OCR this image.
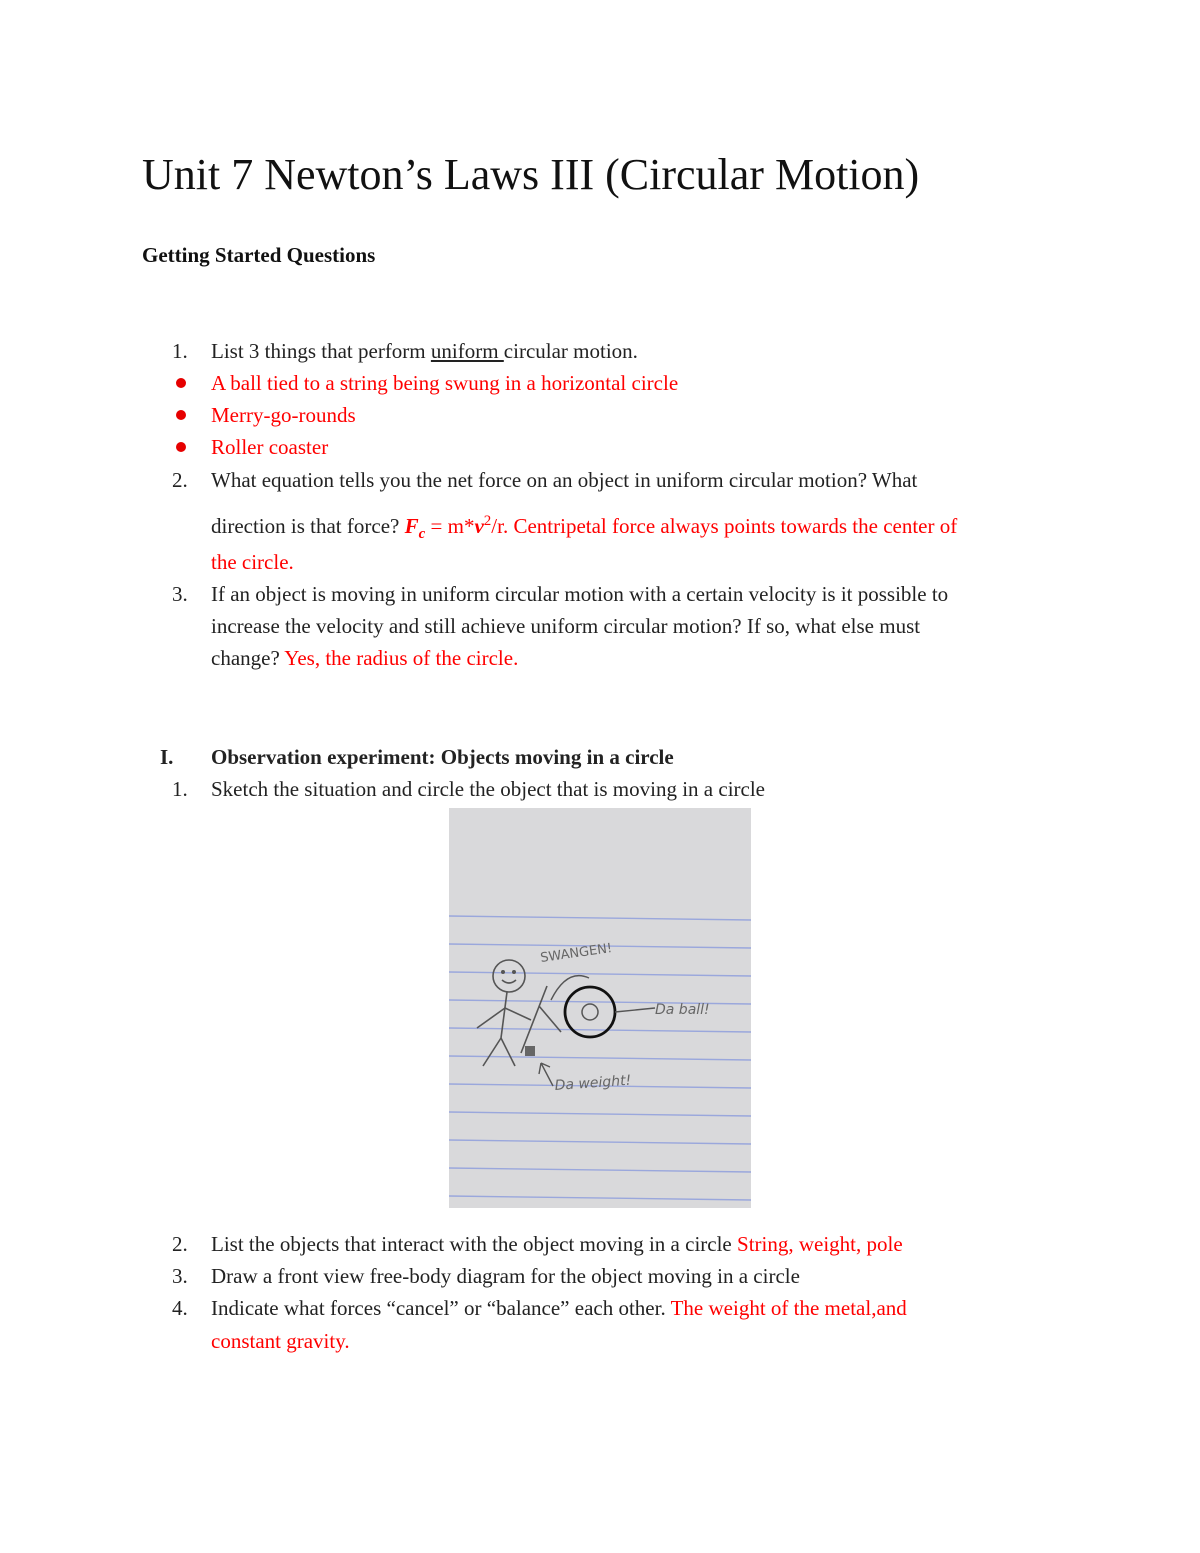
Unit 7 Newton’s Laws III (Circular Motion)
Getting Started Questions
1. List 3 things that perform uniform circular motion.
A ball tied to a string being swung in a horizontal circle
Merry-go-rounds
Roller coaster
2. What equation tells you the net force on an object in uniform circular motion? What
direction is that force? $F_c = m*v^2/r$. Centripetal force always points towards the center of
the circle.
3. If an object is moving in uniform circular motion with a certain velocity is it possible to
increase the velocity and still achieve uniform circular motion? If so, what else must
change? Yes, the radius of the circle.
I. Observation experiment: Objects moving in a circle
1. Sketch the situation and circle the object that is moving in a circle
SWANGEN!
Da ball!
Da weight!
2. List the objects that interact with the object moving in a circle String, weight, pole
3. Draw a front view free-body diagram for the object moving in a circle
4. Indicate what forces “cancel” or “balance” each other. The weight of the metal,and
constant gravity.
